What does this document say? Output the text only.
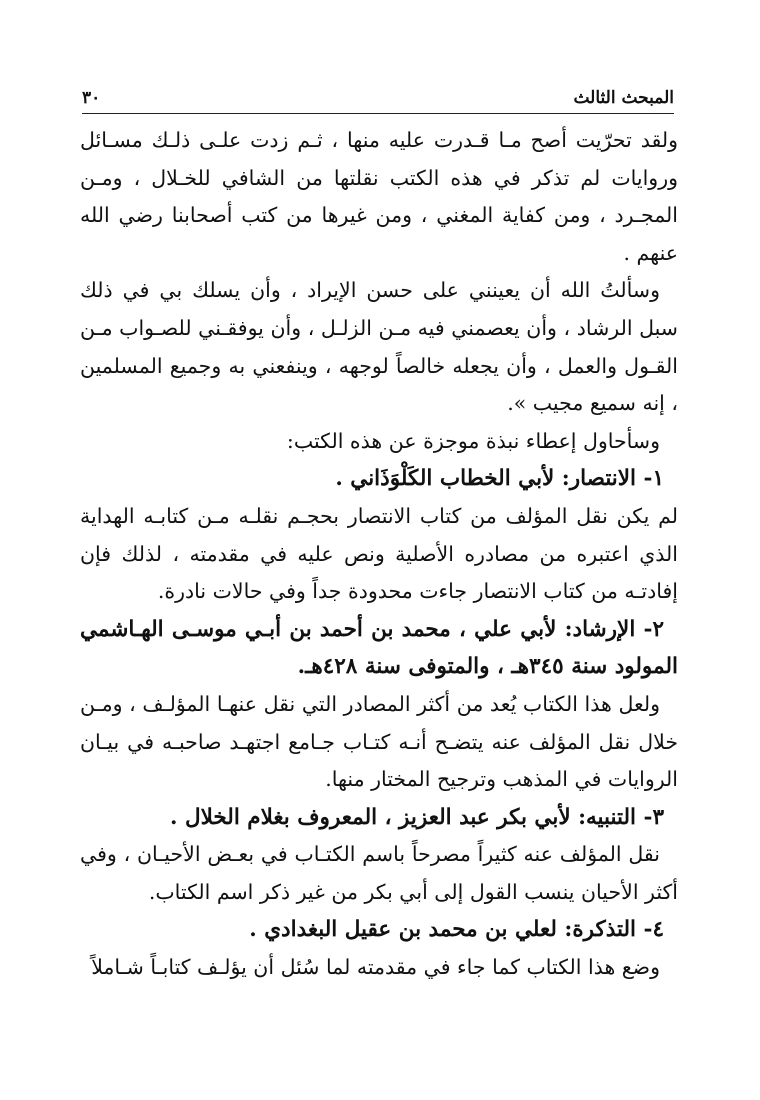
المبحث الثالث
٣٠

ولقد تحرّيت أصح مـا قـدرت عليه منها ، ثـم زدت علـى ذلـك مسـائل وروايات لم تذكر في هذه الكتب نقلتها من الشافي للخـلال ، ومـن المجـرد ، ومن كفاية المغني ، ومن غيرها من كتب أصحابنا رضي الله عنهم .

وسألتُ الله أن يعينني على حسن الإيراد ، وأن يسلك بي في ذلك سبل الرشاد ، وأن يعصمني فيه مـن الزلـل ، وأن يوفقـني للصـواب مـن القـول والعمل ، وأن يجعله خالصاً لوجهه ، وينفعني به وجميع المسلمين ، إنه سميع مجيب ».

وسأحاول إعطاء نبذة موجزة عن هذه الكتب:

١- الانتصار: لأبي الخطاب الكَلْوَذَاني .

لم يكن نقل المؤلف من كتاب الانتصار بحجـم نقلـه مـن كتابـه الهداية الذي اعتبره من مصادره الأصلية ونص عليه في مقدمته ، لذلك فإن إفادتـه من كتاب الانتصار جاءت محدودة جداً وفي حالات نادرة.

٢- الإرشاد: لأبي علي ، محمد بن أحمد بن أبـي موسـى الهـاشمي المولود سنة ٣٤٥هـ ، والمتوفى سنة ٤٢٨هـ.

ولعل هذا الكتاب يُعد من أكثر المصادر التي نقل عنهـا المؤلـف ، ومـن خلال نقل المؤلف عنه يتضـح أنـه كتـاب جـامع اجتهـد صاحبـه في بيـان الروايات في المذهب وترجيح المختار منها.

٣- التنبيه: لأبي بكر عبد العزيز ، المعروف بغلام الخلال .

نقل المؤلف عنه كثيراً مصرحاً باسم الكتـاب في بعـض الأحيـان ، وفي أكثر الأحيان ينسب القول إلى أبي بكر من غير ذكر اسم الكتاب.

٤- التذكرة: لعلي بن محمد بن عقيل البغدادي .

وضع هذا الكتاب كما جاء في مقدمته لما سُئل أن يؤلـف كتابـاً شـاملاً
